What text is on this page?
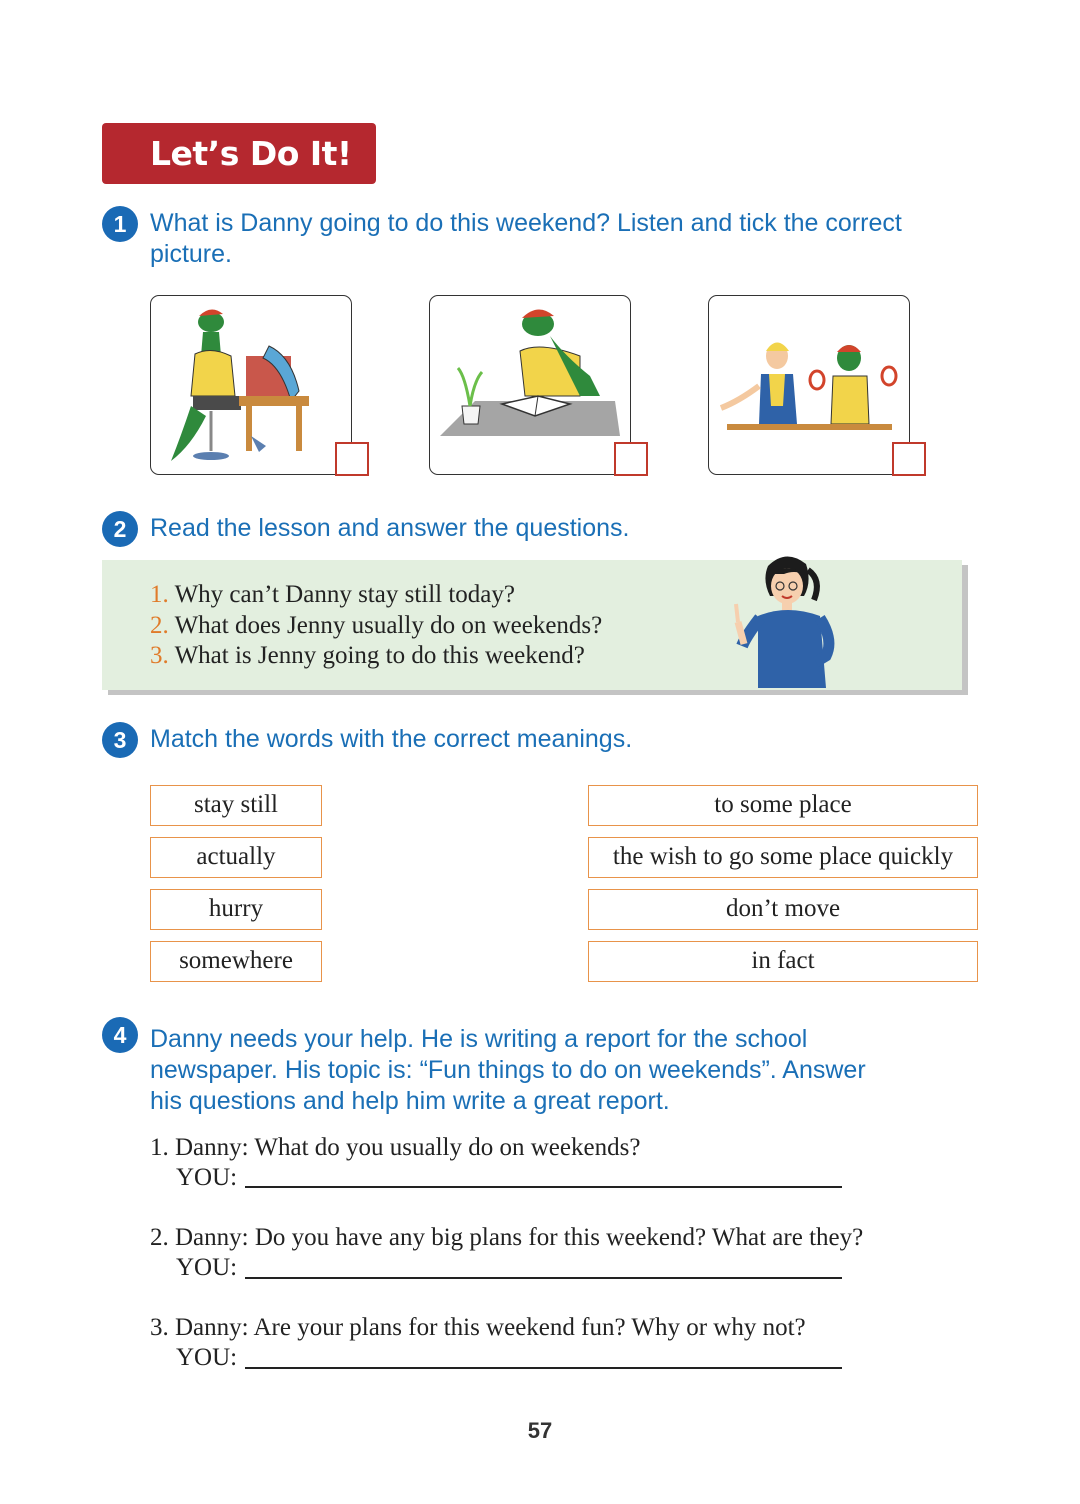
Let’s Do It!
1 What is Danny going to do this weekend? Listen and tick the correct
picture.
2 Read the lesson and answer the questions.
1. Why can’t Danny stay still today?
2. What does Jenny usually do on weekends?
3. What is Jenny going to do this weekend?
3 Match the words with the correct meanings.
stay still
actually
hurry
somewhere
to some place
the wish to go some place quickly
don’t move
in fact
4 Danny needs your help. He is writing a report for the school
newspaper. His topic is: “Fun things to do on weekends”. Answer
his questions and help him write a great report.
1. Danny: What do you usually do on weekends?
YOU:
2. Danny: Do you have any big plans for this weekend? What are they?
YOU:
3. Danny: Are your plans for this weekend fun? Why or why not?
YOU:
57
